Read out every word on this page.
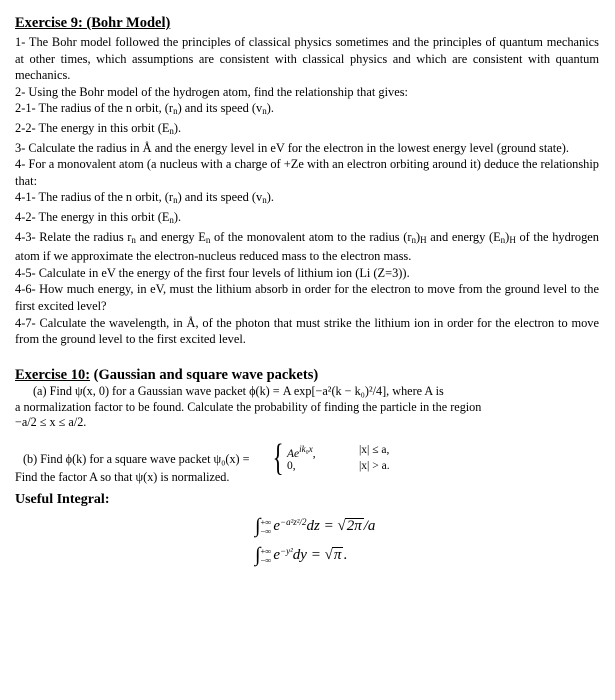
Exercise 9: (Bohr Model)

1- The Bohr model followed the principles of classical physics sometimes and the principles of quantum mechanics at other times, which assumptions are consistent with classical physics and which are consistent with quantum mechanics.

2- Using the Bohr model of the hydrogen atom, find the relationship that gives:

2-1- The radius of the n orbit, $(r_n)$ and its speed $(v_n)$.

2-2- The energy in this orbit $(E_n)$.

3- Calculate the radius in Å and the energy level in eV for the electron in the lowest energy level (ground state).

4- For a monovalent atom (a nucleus with a charge of +Ze with an electron orbiting around it) deduce the relationship that:

4-1- The radius of the n orbit, $(r_n)$ and its speed $(v_n)$.

4-2- The energy in this orbit $(E_n)$.

4-3- Relate the radius $r_n$ and energy $E_n$ of the monovalent atom to the radius $(r_n)_H$ and energy $(E_n)_H$ of the hydrogen atom if we approximate the electron-nucleus reduced mass to the electron mass.

4-5- Calculate in eV the energy of the first four levels of lithium ion (Li (Z=3)).

4-6- How much energy, in eV, must the lithium absorb in order for the electron to move from the ground level to the first excited level?

4-7- Calculate the wavelength, in Å, of the photon that must strike the lithium ion in order for the electron to move from the ground level to the first excited level.

Exercise 10: (Gaussian and square wave packets)

(a) Find ψ(x, 0) for a Gaussian wave packet ϕ(k) = A exp[−a²(k − k₀)²/4], where A is

a normalization factor to be found. Calculate the probability of finding the particle in the region

−a/2 ≤ x ≤ a/2.

(b) Find ϕ(k) for a square wave packet ψ₀(x) = { $Ae^{ik_0x}$,
0,
|x| ≤ a,
|x| > a.
Find the factor A so that ψ(x) is normalized.
Useful Integral:
∫ +∞
−∞ $e^{-a^2z^2/2}dz = √2\pi$ /a
∫ +∞
−∞ $e^{-y^2}dy = √\pi$ .
